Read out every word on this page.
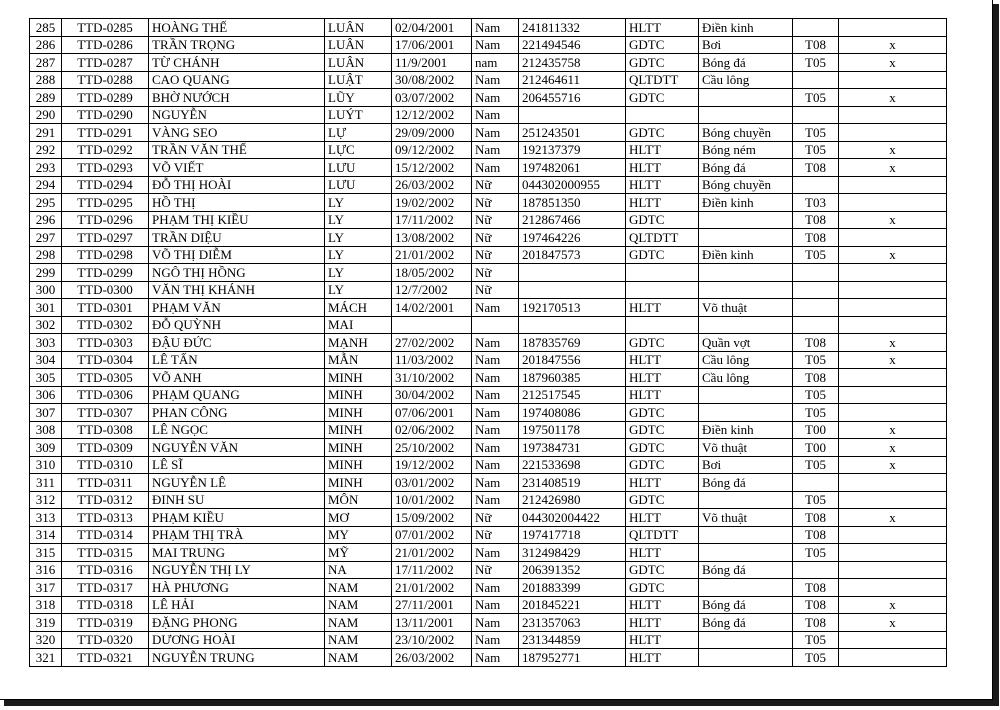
285	TTD-0285	HOÀNG THẾ	LUÂN	02/04/2001	Nam	241811332	HLTT	Điền kinh		
286	TTD-0286	TRẦN TRỌNG	LUÂN	17/06/2001	Nam	221494546	GDTC	Bơi	T08	x
287	TTD-0287	TỪ CHÁNH	LUÂN	11/9/2001	nam	212435758	GDTC	Bóng đá	T05	x
288	TTD-0288	CAO QUANG	LUẬT	30/08/2002	Nam	212464611	QLTDTT	Cầu lông		
289	TTD-0289	BHỜ NƯỚCH	LŨY	03/07/2002	Nam	206455716	GDTC		T05	x
290	TTD-0290	NGUYỄN	LUÝT	12/12/2002	Nam					
291	TTD-0291	VÀNG SEO	LỰ	29/09/2000	Nam	251243501	GDTC	Bóng chuyền	T05	
292	TTD-0292	TRẦN VĂN THẾ	LỰC	09/12/2002	Nam	192137379	HLTT	Bóng ném	T05	x
293	TTD-0293	VÕ VIẾT	LƯU	15/12/2002	Nam	197482061	HLTT	Bóng đá	T08	x
294	TTD-0294	ĐỖ THỊ HOÀI	LƯU	26/03/2002	Nữ	044302000955	HLTT	Bóng chuyền		
295	TTD-0295	HỒ THỊ	LY	19/02/2002	Nữ	187851350	HLTT	Điền kinh	T03	
296	TTD-0296	PHẠM THỊ KIỀU	LY	17/11/2002	Nữ	212867466	GDTC		T08	x
297	TTD-0297	TRẦN DIỆU	LY	13/08/2002	Nữ	197464226	QLTDTT		T08	
298	TTD-0298	VÕ THỊ DIỄM	LY	21/01/2002	Nữ	201847573	GDTC	Điền kinh	T05	x
299	TTD-0299	NGÔ THỊ HỒNG	LY	18/05/2002	Nữ					
300	TTD-0300	VĂN THỊ KHÁNH	LY	12/7/2002	Nữ					
301	TTD-0301	PHẠM VĂN	MÁCH	14/02/2001	Nam	192170513	HLTT	Võ thuật		
302	TTD-0302	ĐỖ QUỲNH	MAI							
303	TTD-0303	ĐẬU ĐỨC	MẠNH	27/02/2002	Nam	187835769	GDTC	Quần vợt	T08	x
304	TTD-0304	LÊ TẤN	MẪN	11/03/2002	Nam	201847556	HLTT	Cầu lông	T05	x
305	TTD-0305	VÕ ANH	MINH	31/10/2002	Nam	187960385	HLTT	Cầu lông	T08	
306	TTD-0306	PHẠM QUANG	MINH	30/04/2002	Nam	212517545	HLTT		T05	
307	TTD-0307	PHAN CÔNG	MINH	07/06/2001	Nam	197408086	GDTC		T05	
308	TTD-0308	LÊ NGỌC	MINH	02/06/2002	Nam	197501178	GDTC	Điền kinh	T00	x
309	TTD-0309	NGUYỄN VĂN	MINH	25/10/2002	Nam	197384731	GDTC	Võ thuật	T00	x
310	TTD-0310	LÊ SĨ	MINH	19/12/2002	Nam	221533698	GDTC	Bơi	T05	x
311	TTD-0311	NGUYỄN LÊ	MINH	03/01/2002	Nam	231408519	HLTT	Bóng đá		
312	TTD-0312	ĐINH SU	MÔN	10/01/2002	Nam	212426980	GDTC		T05	
313	TTD-0313	PHẠM KIỀU	MƠ	15/09/2002	Nữ	044302004422	HLTT	Võ thuật	T08	x
314	TTD-0314	PHẠM THỊ TRÀ	MY	07/01/2002	Nữ	197417718	QLTDTT		T08	
315	TTD-0315	MAI TRUNG	MỸ	21/01/2002	Nam	312498429	HLTT		T05	
316	TTD-0316	NGUYỄN THỊ LY	NA	17/11/2002	Nữ	206391352	GDTC	Bóng đá		
317	TTD-0317	HÀ PHƯƠNG	NAM	21/01/2002	Nam	201883399	GDTC		T08	
318	TTD-0318	LÊ HẢI	NAM	27/11/2001	Nam	201845221	HLTT	Bóng đá	T08	x
319	TTD-0319	ĐẶNG PHONG	NAM	13/11/2001	Nam	231357063	HLTT	Bóng đá	T08	x
320	TTD-0320	DƯƠNG HOÀI	NAM	23/10/2002	Nam	231344859	HLTT		T05	
321	TTD-0321	NGUYỄN TRUNG	NAM	26/03/2002	Nam	187952771	HLTT		T05	
